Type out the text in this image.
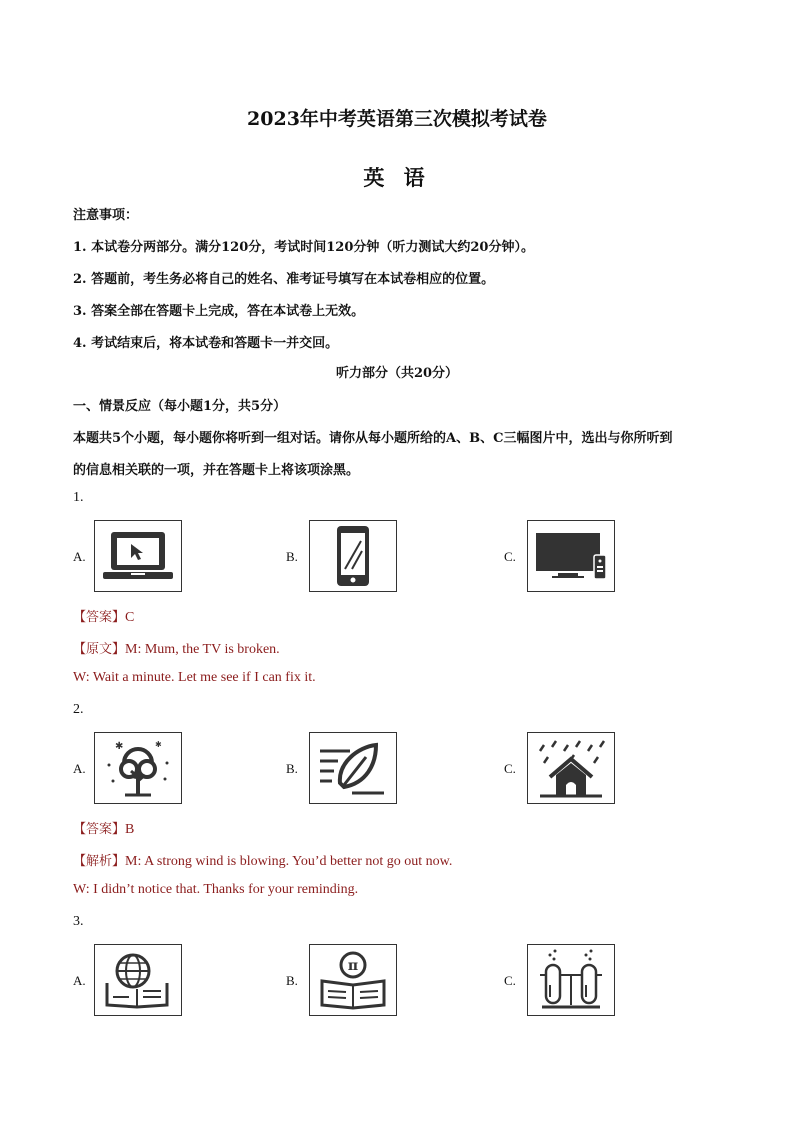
2023年中考英语第三次模拟考试卷
英 语
注意事项：
1. 本试卷分两部分。满分120分，考试时间120分钟（听力测试大约20分钟）。
2. 答题前，考生务必将自己的姓名、准考证号填写在本试卷相应的位置。
3. 答案全部在答题卡上完成，答在本试卷上无效。
4. 考试结束后，将本试卷和答题卡一并交回。
听力部分（共20分）
一、情景反应（每小题1分，共5分）
本题共5个小题，每小题你将听到一组对话。请你从每小题所给的A、B、C三幅图片中，选出与你所听到
的信息相关联的一项，并在答题卡上将该项涂黑。
1.
A.	B.	C.
【答案】C
【原文】M: Mum, the TV is broken.
W: Wait a minute. Let me see if I can fix it.
2.
A.
✱	✱
B.	C.
【答案】B
【解析】M: A strong wind is blowing. You’d better not go out now.
W: I didn’t notice that. Thanks for your reminding.
3.
A.	B.
π
C.
